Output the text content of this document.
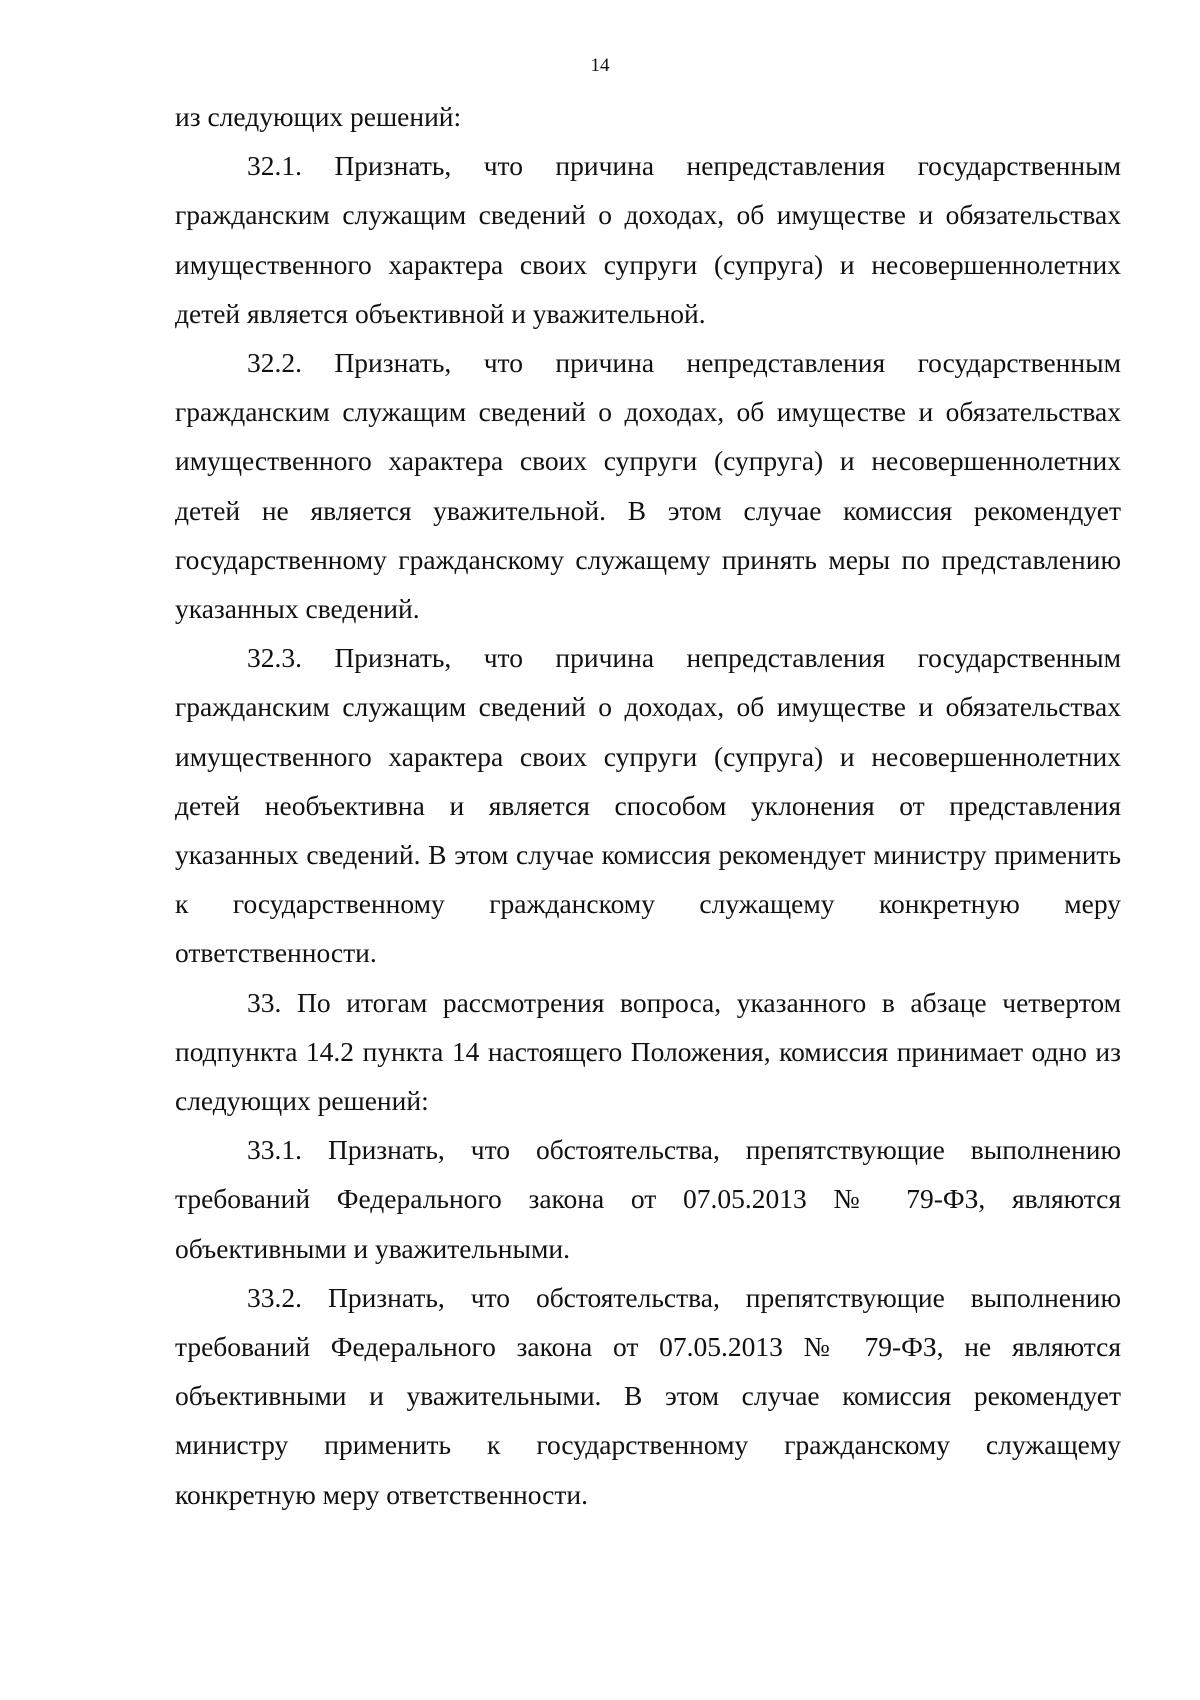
14

из следующих решений:

32.1. Признать, что причина непредставления государственным гражданским служащим сведений о доходах, об имуществе и обязательствах имущественного характера своих супруги (супруга) и несовершеннолетних детей является объективной и уважительной.

32.2. Признать, что причина непредставления государственным гражданским служащим сведений о доходах, об имуществе и обязательствах имущественного характера своих супруги (супруга) и несовершеннолетних детей не является уважительной. В этом случае комиссия рекомендует государственному гражданскому служащему принять меры по представлению указанных сведений.

32.3. Признать, что причина непредставления государственным гражданским служащим сведений о доходах, об имуществе и обязательствах имущественного характера своих супруги (супруга) и несовершеннолетних детей необъективна и является способом уклонения от представления указанных сведений. В этом случае комиссия рекомендует министру применить к государственному гражданскому служащему конкретную меру ответственности.

33. По итогам рассмотрения вопроса, указанного в абзаце четвертом подпункта 14.2 пункта 14 настоящего Положения, комиссия принимает одно из следующих решений:

33.1. Признать, что обстоятельства, препятствующие выполнению требований Федерального закона от 07.05.2013 № 79-ФЗ, являются объективными и уважительными.

33.2. Признать, что обстоятельства, препятствующие выполнению требований Федерального закона от 07.05.2013 № 79-ФЗ, не являются объективными и уважительными. В этом случае комиссия рекомендует министру применить к государственному гражданскому служащему конкретную меру ответственности.
